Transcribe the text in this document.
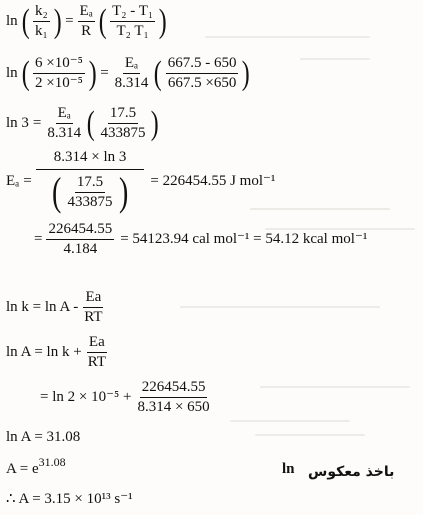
ln ( $\frac{\text{k₂}}{\text{k₁}}$ ) = $\frac{\text{Eₐ}}{R}$ ( $\frac{\text{T₂ - T₁}}{\text{T₂ T₁}}$ )
ln ( $\frac{\text{6 ×10⁻⁵}}{\text{2 ×10⁻⁵}}$ ) = $\frac{\text{Eₐ}}{8.314}$ ( $\frac{667.5 - 650}{667.5 \times 650}$ )
$\ln 3 = \frac{\text{Eₐ}}{8.314}$ ( $\frac{17.5}{433875}$ )
Eₐ =
8.314 × ln 3
( $\frac{17.5}{433875}$ ) = 226454.55 J mol⁻¹
= $\frac{226454.55}{4.184} = 54123.94$ cal mol⁻¹ = 54.12 kcal mol⁻¹
$\ln k = \ln A - \frac{Ea}{RT}$
$\ln A = \ln k + \frac{Ea}{RT}$
= $\ln 2 \times 10^{-5} + \frac{226454.55}{8.314 \times 650}$
ln A = 31.08
$A = e^{31.08}$
باخذ معكوس
ln
∴ A = 3.15 × 10¹³ s⁻¹
